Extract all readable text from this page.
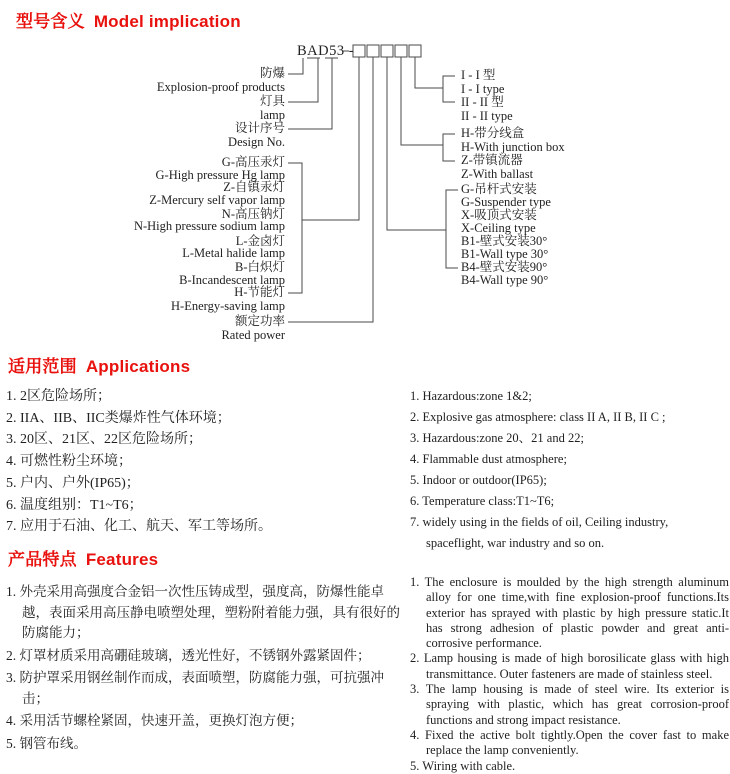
型号含义 Model implication
BAD53 -
防爆
Explosion-proof products
灯具
lamp
设计序号
Design No.
G-高压汞灯
G-High pressure Hg lamp
Z-自镇汞灯
Z-Mercury self vapor lamp
N-高压钠灯
N-High pressure sodium lamp
L-金卤灯
L-Metal halide lamp
B-白炽灯
B-Incandescent lamp
H-节能灯
H-Energy-saving lamp
额定功率
Rated power
I - I 型
I - I type
II - II 型
II - II type
H-带分线盒
H-With junction box
Z-带镇流器
Z-With ballast
G-吊杆式安装
G-Suspender type
X-吸顶式安装
X-Ceiling type
B1-壁式安装30°
B1-Wall type 30°
B4-壁式安装90°
B4-Wall type 90°
适用范围 Applications
1. 2区危险场所；
2. IIA、IIB、IIC类爆炸性气体环境；
3. 20区、21区、22区危险场所；
4. 可燃性粉尘环境；
5. 户内、户外(IP65)；
6. 温度组别：T1~T6；
7. 应用于石油、化工、航天、军工等场所。
1. Hazardous:zone 1&2;
2. Explosive gas atmosphere: class II A, II B, II C ;
3. Hazardous:zone 20、21 and 22;
4. Flammable dust atmosphere;
5. Indoor or outdoor(IP65);
6. Temperature class:T1~T6;
7. widely using in the fields of oil, Ceiling industry, spaceflight, war industry and so on.
产品特点 Features
1. 外壳采用高强度合金铝一次性压铸成型，强度高，防爆性能卓越，表面采用高压静电喷塑处理，塑粉附着能力强，具有很好的防腐能力；
2. 灯罩材质采用高硼硅玻璃，透光性好，不锈钢外露紧固件；
3. 防护罩采用钢丝制作而成，表面喷塑，防腐能力强，可抗强冲击；
4. 采用活节螺栓紧固，快速开盖，更换灯泡方便；
5. 钢管布线。
1. The enclosure is moulded by the high strength aluminum alloy for one time,with fine explosion-proof functions.Its exterior has sprayed with plastic by high pressure static.It has strong adhesion of plastic powder and great anti-corrosive performance.
2. Lamp housing is made of high borosilicate glass with high transmittance. Outer fasteners are made of stainless steel.
3. The lamp housing is made of steel wire. Its exterior is spraying with plastic, which has great corrosion-proof functions and strong impact resistance.
4. Fixed the active bolt tightly.Open the cover fast to make replace the lamp conveniently.
5. Wiring with cable.
